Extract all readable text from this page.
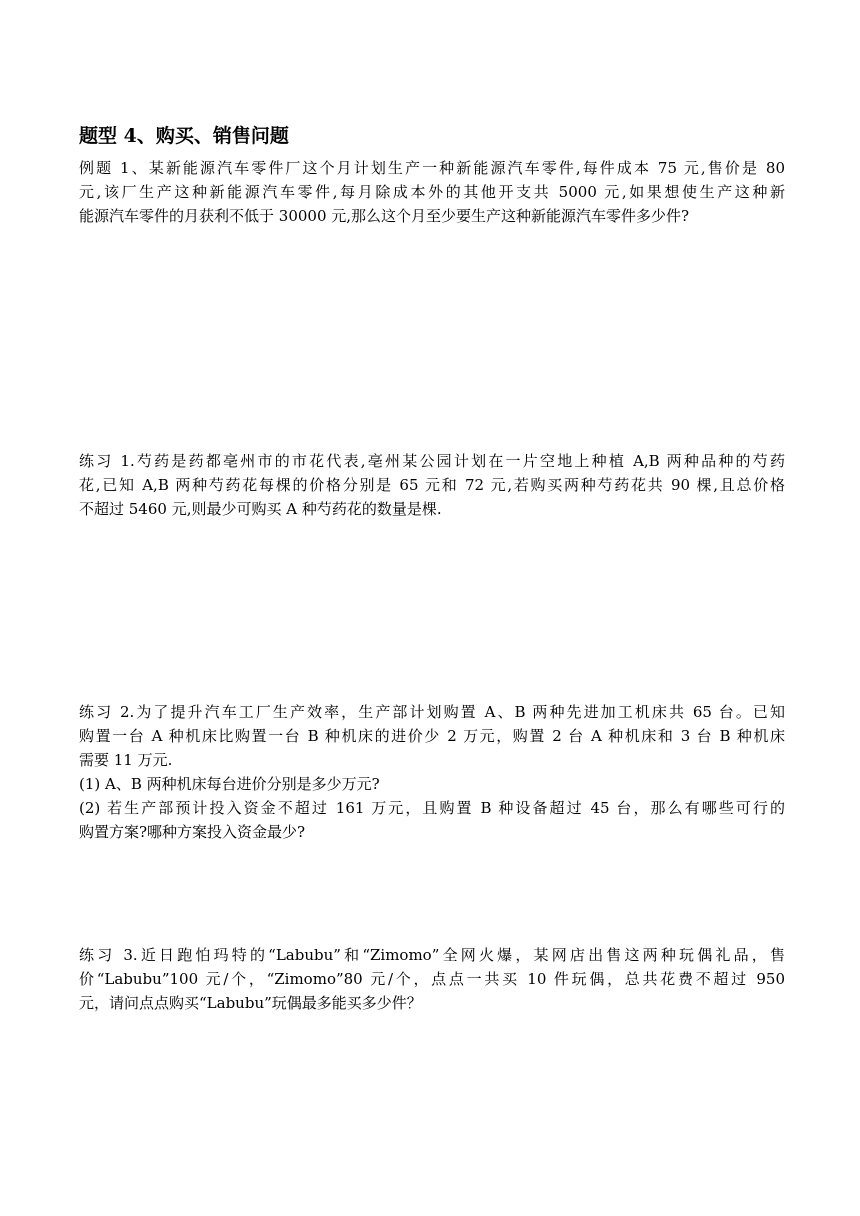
题型 4、购买、销售问题

例题 1、某新能源汽车零件厂这个月计划生产一种新能源汽车零件,每件成本 75 元,售价是 80
元,该厂生产这种新能源汽车零件,每月除成本外的其他开支共 5000 元,如果想使生产这种新
能源汽车零件的月获利不低于 30000 元,那么这个月至少要生产这种新能源汽车零件多少件?

练习 1.芍药是药都亳州市的市花代表,亳州某公园计划在一片空地上种植 A,B 两种品种的芍药
花,已知 A,B 两种芍药花每棵的价格分别是 65 元和 72 元,若购买两种芍药花共 90 棵,且总价格
不超过 5460 元,则最少可购买 A 种芍药花的数量是棵.

练习 2.为了提升汽车工厂生产效率，生产部计划购置 A、B 两种先进加工机床共 65 台。已知
购置一台 A 种机床比购置一台 B 种机床的进价少 2 万元，购置 2 台 A 种机床和 3 台 B 种机床
需要 11 万元.
(1) A、B 两种机床每台进价分别是多少万元?
(2) 若生产部预计投入资金不超过 161 万元，且购置 B 种设备超过 45 台，那么有哪些可行的
购置方案?哪种方案投入资金最少?

练习 3.近日跑怕玛特的“Labubu”和“Zimomo”全网火爆，某网店出售这两种玩偶礼品，售
价“Labubu”100 元/个，“Zimomo”80 元/个，点点一共买 10 件玩偶，总共花费不超过 950
元，请问点点购买“Labubu”玩偶最多能买多少件？
